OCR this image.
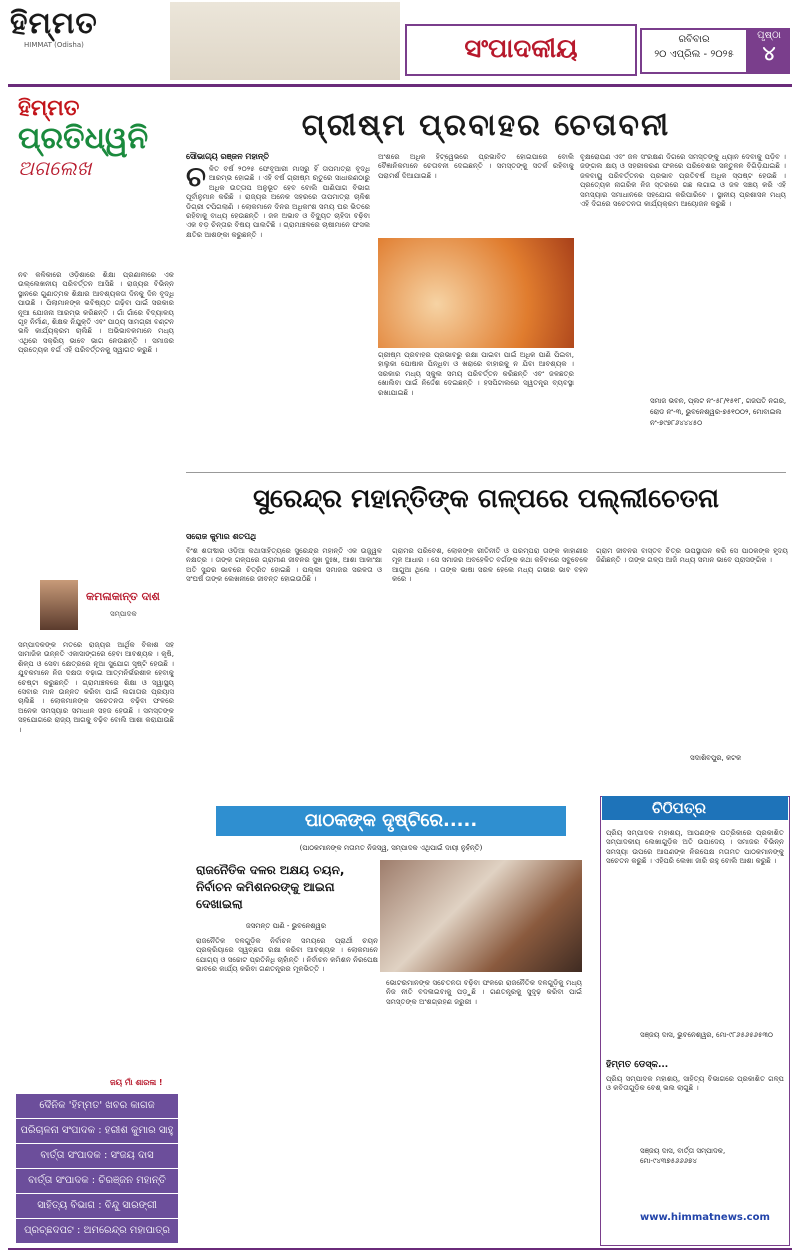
ହିମ୍ମତ
HIMMAT (Odisha)	ସଂପାଦକୀୟ	ରବିବାର
୨୦ ଏପ୍ରିଲ - ୨୦୨୫
ପୃଷ୍ଠା
୪
ହିମ୍ମତ
ପ୍ରତିଧ୍ୱନି
ଅଗଲେଖ
ନବ କଳିକାରେ ଓଡ଼ିଶାରେ ଶିକ୍ଷା ପ୍ରଣାଳୀରେ ଏକ ଉଲ୍ଲେଖନୀୟ ପରିବର୍ତ୍ତନ ଆସିଛି । ରାଜ୍ୟର ବିଭିନ୍ନ ସ୍ଥାନରେ ଗୁଣାତ୍ମକ ଶିକ୍ଷାର ଆବଶ୍ୟକତା ଦିନକୁ ଦିନ ବୃଦ୍ଧି ପାଉଛି । ପିଲାମାନଙ୍କ ଭବିଷ୍ୟତ ଗଢ଼ିବା ପାଇଁ ସରକାର ନୂଆ ଯୋଜନା ଆରମ୍ଭ କରିଛନ୍ତି । ଗାଁ ଗାଁରେ ବିଦ୍ୟାଳୟ ଗୃହ ନିର୍ମାଣ, ଶିକ୍ଷକ ନିଯୁକ୍ତି ଏବଂ ପାଠ୍ୟ ସାମଗ୍ରୀ ବଣ୍ଟନ ଭଳି କାର୍ଯ୍ୟକ୍ରମ ଚାଲିଛି । ଅଭିଭାବକମାନେ ମଧ୍ୟ ଏଥିରେ ସକ୍ରିୟ ଭାବେ ଭାଗ ନେଉଛନ୍ତି । ସମାଜର ପ୍ରତ୍ୟେକ ବର୍ଗ ଏହି ପରିବର୍ତ୍ତନକୁ ସ୍ୱାଗତ କରୁଛି ।
କମଳାକାନ୍ତ ଦାଶ
ସମ୍ପାଦକ
ସମ୍ପାଦକଙ୍କ ମତରେ ରାଜ୍ୟର ଆର୍ଥିକ ବିକାଶ ସହ ସାମାଜିକ ଉନ୍ନତି ଏକାସାଙ୍ଗରେ ହେବା ଆବଶ୍ୟକ । କୃଷି, ଶିଳ୍ପ ଓ ସେବା କ୍ଷେତ୍ରରେ ନୂଆ ସୁଯୋଗ ସୃଷ୍ଟି ହେଉଛି । ଯୁବକମାନେ ନିଜ ଦକ୍ଷତା ବଢ଼ାଇ ଆତ୍ମନିର୍ଭରଶୀଳ ହେବାକୁ ଚେଷ୍ଟା କରୁଛନ୍ତି । ଗ୍ରାମାଞ୍ଚଳରେ ଶିକ୍ଷା ଓ ସ୍ୱାସ୍ଥ୍ୟ ସେବାର ମାନ ଉନ୍ନତ କରିବା ପାଇଁ ଲଗାତାର ପ୍ରୟାସ ଚାଲିଛି । ଲୋକମାନଙ୍କ ସଚେତନତା ବଢ଼ିବା ଫଳରେ ଅନେକ ସମସ୍ୟାର ସମାଧାନ ସହଜ ହେଉଛି । ସମସ୍ତଙ୍କ ସହଯୋଗରେ ରାଜ୍ୟ ଆଗକୁ ବଢ଼ିବ ବୋଲି ଆଶା କରାଯାଉଛି ।
ଜୟ ମାଁ ଶାରଳା !
ଦୈନିକ 'ହିମ୍ମତ' ଖବର କାଗଜ
ପରିଚାଳନା ସଂପାଦକ : ହରୀଶ କୁମାର ସାହୁ
ବାର୍ତ୍ତା ସଂପାଦକ : ସଂଜୟ ଦାସ
ବାର୍ତ୍ତା ସଂପାଦକ : ଚିରଞ୍ଜନ ମହାନ୍ତି
ସାହିତ୍ୟ ବିଭାଗ : ବିନ୍ଦୁ ସାରଙ୍ଗୀ
ପ୍ରଚ୍ଛଦପଟ : ଅମରେନ୍ଦ୍ର ମହାପାତ୍ର
ଗ୍ରୀଷ୍ମ ପ୍ରବାହର ଚେତାବନୀ
ସୌଭାଗ୍ୟ ରଞ୍ଜନ ମହାନ୍ତି
ଚ ଳିତ ବର୍ଷ ୨୦୨୫ ଫେବୃଆରୀ ମାସରୁ ହିଁ ତାପମାତ୍ରା ବୃଦ୍ଧି ଆରମ୍ଭ ହୋଇଛି । ଏହି ବର୍ଷ ଗ୍ରୀଷ୍ମ ଋତୁରେ ସାଧାରଣଠାରୁ ଅଧିକ ଉତ୍ତାପ ଅନୁଭୂତ ହେବ ବୋଲି ପାଣିପାଗ ବିଭାଗ ପୂର୍ବାନୁମାନ କରିଛି । ରାଜ୍ୟର ଅନେକ ସହରରେ ତାପମାତ୍ରା ଚାଳିଶ ଡିଗ୍ରୀ ଟପିଗଲାଣି । ଲୋକମାନେ ଦିନର ଅଧିକାଂଶ ସମୟ ଘର ଭିତରେ ରହିବାକୁ ବାଧ୍ୟ ହେଉଛନ୍ତି । ଜଳ ଅଭାବ ଓ ବିଦ୍ୟୁତ ଚାହିଦା ବଢ଼ିବା ଏକ ବଡ଼ ଚିନ୍ତାର ବିଷୟ ପାଲଟିଛି । ଗ୍ରାମାଞ୍ଚଳରେ ଚାଷୀମାନେ ଫସଲ କ୍ଷତିର ଆଶଙ୍କା କରୁଛନ୍ତି ।
ଅଂଶରେ ଅଧିକ ହିଟ୍‌ୱେଭରେ ପ୍ରଭାବିତ ହୋଇପାରେ ବୋଲି ବୈଜ୍ଞାନିକମାନେ ଚେତାବନୀ ଦେଇଛନ୍ତି । ସମସ୍ତଙ୍କୁ ସତର୍କ ରହିବାକୁ ପରାମର୍ଶ ଦିଆଯାଇଛି ।
ଗ୍ରୀଷ୍ମ ପ୍ରବାହର ପ୍ରଭାବରୁ ରକ୍ଷା ପାଇବା ପାଇଁ ଅଧିକ ପାଣି ପିଇବା, ହାଲୁକା ପୋଷାକ ପିନ୍ଧିବା ଓ ଖରାରେ ବାହାରକୁ ନ ଯିବା ଆବଶ୍ୟକ । ସରକାର ମଧ୍ୟ ସ୍କୁଲ ସମୟ ପରିବର୍ତ୍ତନ କରିଛନ୍ତି ଏବଂ ଜଳଛତ୍ର ଖୋଲିବା ପାଇଁ ନିର୍ଦ୍ଦେଶ ଦେଇଛନ୍ତି । ହସପିଟାଲରେ ସ୍ୱତନ୍ତ୍ର ବ୍ୟବସ୍ଥା ରଖାଯାଇଛି ।
ବୃକ୍ଷରୋପଣ ଏବଂ ଜଳ ସଂରକ୍ଷଣ ଦିଗରେ ସମସ୍ତଙ୍କୁ ଧ୍ୟାନ ଦେବାକୁ ପଡ଼ିବ । ଜଙ୍ଗଲ କ୍ଷୟ ଓ ସହରୀକରଣ ଫଳରେ ପରିବେଶର ସନ୍ତୁଳନ ବିଗିଡ଼ିଯାଇଛି । ଜଳବାୟୁ ପରିବର୍ତ୍ତନର ପ୍ରଭାବ ପ୍ରତିବର୍ଷ ଅଧିକ ସ୍ପଷ୍ଟ ହେଉଛି । ପ୍ରତ୍ୟେକ ନାଗରିକ ନିଜ ସ୍ତରରେ ଗଛ ଲଗାଇ ଓ ଜଳ ସଞ୍ଚୟ କରି ଏହି ସମସ୍ୟାର ସମାଧାନରେ ସହଯୋଗ କରିପାରିବେ । ସ୍ଥାନୀୟ ପ୍ରଶାସନ ମଧ୍ୟ ଏହି ଦିଗରେ ସଚେତନତା କାର୍ଯ୍ୟକ୍ରମ ଆୟୋଜନ କରୁଛି ।
ସମାଜ ଭବନ, ପ୍ଲଟ ନଂ-୫୮/୧୫୧୮, ଗଜପତି ନଗର, ରୋଡ ନଂ-୩, ଭୁବନେଶ୍ୱର-୭୫୧୦୦୨, ମୋବାଇଲ ନଂ-୭୯୭୮୬୪୪୪୫୦
ସୁରେନ୍ଦ୍ର ମହାନ୍ତିଙ୍କ ଗଳ୍ପରେ ପଲ୍ଲୀଚେତନା
ସରୋଜ କୁମାର ଶତପଥି
ବିଂଶ ଶତାବ୍ଦୀର ଓଡ଼ିଆ କଥାସାହିତ୍ୟରେ ସୁରେନ୍ଦ୍ର ମହାନ୍ତି ଏକ ଉଜ୍ଜ୍ୱଳ ନକ୍ଷତ୍ର । ତାଙ୍କ ଗଳ୍ପରେ ଗ୍ରାମୀଣ ଜୀବନର ସୁଖ ଦୁଃଖ, ଆଶା ଆକାଂକ୍ଷା ଅତି ସୁନ୍ଦର ଭାବରେ ଚିତ୍ରିତ ହୋଇଛି । ପଲ୍ଲୀ ସମାଜର ସରଳତା ଓ ସଂଘର୍ଷ ତାଙ୍କ ଲେଖନୀରେ ଜୀବନ୍ତ ହୋଇଉଠିଛି ।
ଗ୍ରାମର ପରିବେଶ, ଲୋକଙ୍କ ରୀତିନୀତି ଓ ପରମ୍ପରା ତାଙ୍କ କାହାଣୀର ମୂଳ ଆଧାର । ସେ ସମାଜର ଅବହେଳିତ ବର୍ଗଙ୍କ କଥା କହିବାରେ ସବୁବେଳେ ଆଗୁଆ ଥିଲେ । ତାଙ୍କ ଭାଷା ସରଳ ହେଲେ ମଧ୍ୟ ଗଭୀର ଭାବ ବହନ କରେ ।
ଗ୍ରାମ ଜୀବନର ବାସ୍ତବ ଚିତ୍ର ଉପସ୍ଥାପନ କରି ସେ ପାଠକଙ୍କ ହୃଦୟ ଜିଣିଛନ୍ତି । ତାଙ୍କ ଗଳ୍ପ ଆଜି ମଧ୍ୟ ସମାନ ଭାବେ ପ୍ରାସଙ୍ଗିକ ।
ସଦାଶିବପୁର, କଟକ
ପାଠକଙ୍କ ଦୃଷ୍ଟିରେ.....
(ପାଠକମାନଙ୍କ ମତାମତ ନିଜସ୍ୱ, ସମ୍ପାଦକ ଏଥିପାଇଁ ଦାୟୀ ନୁହଁନ୍ତି)
ରାଜନୈତିକ ଦଳର ଅକ୍ଷୟ ଚୟନ, ନିର୍ବାଚନ କମିଶନରଙ୍କୁ ଆଇନା ଦେଖାଇଲା
ଜସମନ୍ତ ପାଣି - ଭୁବନେଶ୍ୱର
ରାଜନୈତିକ ଦଳଗୁଡ଼ିକ ନିର୍ବାଚନ ସମୟରେ ପ୍ରାର୍ଥୀ ଚୟନ ପ୍ରକ୍ରିୟାରେ ସ୍ୱଚ୍ଛତା ରକ୍ଷା କରିବା ଆବଶ୍ୟକ । ଲୋକମାନେ ଯୋଗ୍ୟ ଓ ସଚ୍ଚୋଟ ପ୍ରତିନିଧି ଚାହାଁନ୍ତି । ନିର୍ବାଚନ କମିଶନ ନିରପେକ୍ଷ ଭାବରେ କାର୍ଯ୍ୟ କରିବା ଗଣତନ୍ତ୍ରର ମୂଳଭିତ୍ତି ।
ଭୋଟରମାନଙ୍କ ସଚେତନତା ବଢ଼ିବା ଫଳରେ ରାଜନୈତିକ ଦଳଗୁଡ଼ିକୁ ମଧ୍ୟ ନିଜ ନୀତି ବଦଳାଇବାକୁ ପଡ଼ୁଛି । ଗଣତନ୍ତ୍ରକୁ ସୁଦୃଢ଼ କରିବା ପାଇଁ ସମସ୍ତଙ୍କ ଅଂଶଗ୍ରହଣ ଜରୁରୀ ।
ଚିଠିପତ୍ର
ପ୍ରିୟ ସମ୍ପାଦକ ମହାଶୟ, ଆପଣଙ୍କ ପତ୍ରିକାରେ ପ୍ରକାଶିତ ସମ୍ପାଦକୀୟ ଲେଖାଗୁଡ଼ିକ ଅତି ଉପାଦେୟ । ସମାଜର ବିଭିନ୍ନ ସମସ୍ୟା ଉପରେ ଆପଣଙ୍କ ନିରପେକ୍ଷ ମତାମତ ପାଠକମାନଙ୍କୁ ସଚେତନ କରୁଛି । ଏହିପରି ଲେଖା ଜାରି ରହୁ ବୋଲି ଆଶା କରୁଛି ।
ସଞ୍ଜୟ ଦାସ, ଭୁବନେଶ୍ୱର, ମୋ-୯୮୬୫୬୫୬୫୩୦
ହିମ୍ମତ ଡେସ୍କ...
ପ୍ରିୟ ସମ୍ପାଦକ ମହାଶୟ, ସାହିତ୍ୟ ବିଭାଗରେ ପ୍ରକାଶିତ ଗଳ୍ପ ଓ କବିତାଗୁଡ଼ିକ ବେଶ୍ ଭଲ ଲାଗୁଛି ।
ସଞ୍ଜୟ ଦାସ, ବାର୍ତ୍ତା ସମ୍ପାଦକ, ମୋ-୯୪୩୭୫୬୬୬୭୪
www.himmatnews.com
